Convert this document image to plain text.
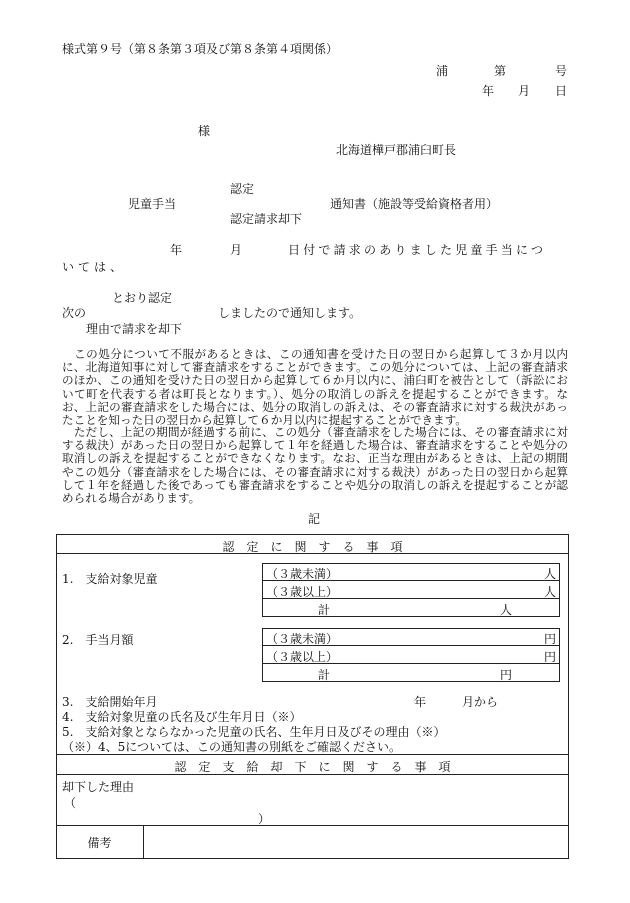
様式第９号（第８条第３項及び第８条第４項関係）
浦	第	号
年 月 日
様
北海道樺戸郡浦臼町長
認定
児童手当	通知書（施設等受給資格者用）
認定請求却下
年	月	日付で請求のありました児童手当につ
いては、
とおり認定
次の	しましたので通知します。
理由で請求を却下
　この処分について不服があるときは、この通知書を受けた日の翌日から起算して３か月以内に、北海道知事に対して審査請求をすることができます。この処分については、上記の審査請求のほか、この通知を受けた日の翌日から起算して６か月以内に、浦臼町を被告として（訴訟において町を代表する者は町長となります。）、処分の取消しの訴えを提起することができます。なお、上記の審査請求をした場合には、処分の取消しの訴えは、その審査請求に対する裁決があったことを知った日の翌日から起算して６か月以内に提起することができます。
　ただし、上記の期間が経過する前に、この処分（審査請求をした場合には、その審査請求に対する裁決）があった日の翌日から起算して１年を経過した場合は、審査請求をすることや処分の取消しの訴えを提起することができなくなります。なお、正当な理由があるときは、上記の期間やこの処分（審査請求をした場合には、その審査請求に対する裁決）があった日の翌日から起算して１年を経過した後であっても審査請求をすることや処分の取消しの訴えを提起することが認められる場合があります。
記
認　定　に　関　す　る　事　項
1.　支給対象児童	（３歳未満）	人
（３歳以上）	人
計	人
2.　手当月額	（３歳未満）	円
（３歳以上）	円
計	円
3.　支給開始年月	年	月から
4.　支給対象児童の氏名及び生年月日（※）
5.　支給対象とならなかった児童の氏名、生年月日及びその理由（※）
（※）4、5については、この通知書の別紙をご確認ください。
認　定　支　給　却　下　に　関　す　る　事　項
却下した理由
（
）
備考
